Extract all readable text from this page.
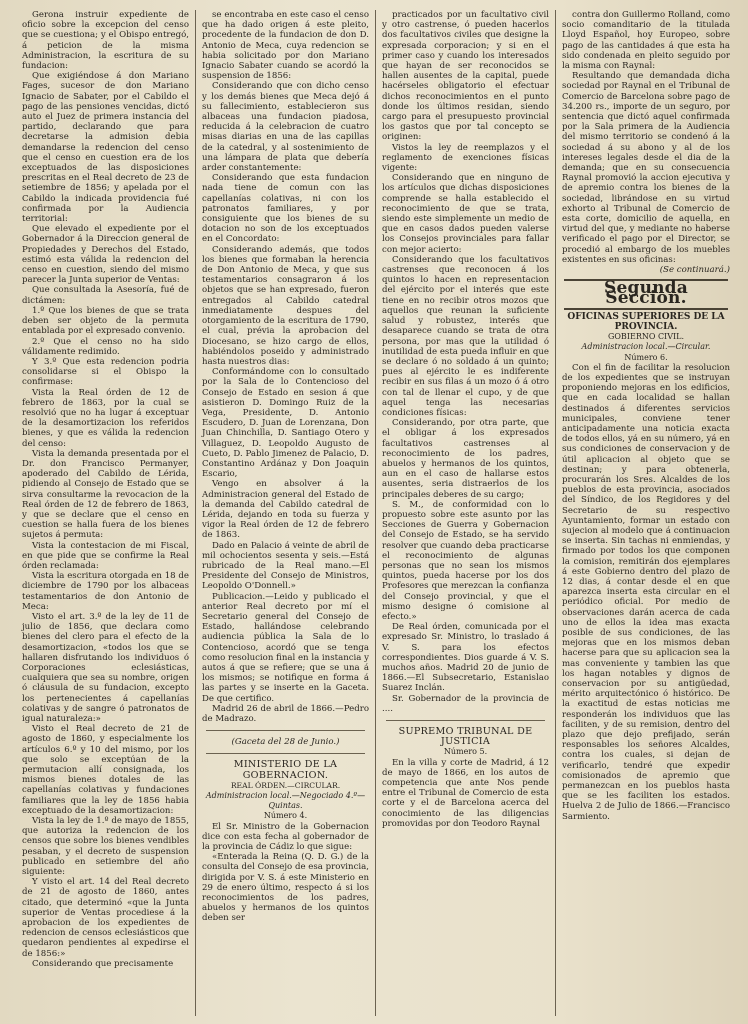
Gerona instruir expediente de oficio sobre la excepcion del censo que se cuestiona; y el Obispo entregó, á peticion de la misma Administracion, la escritura de su fundacion:

Que exigiéndose á don Mariano Fages, sucesor de don Mariano Ignacio de Sabater, por el Cabildo el pago de las pensiones vencidas, dictó auto el Juez de primera instancia del partido, declarando que para decretarse la admision debia demandarse la redencion del censo que el censo en cuestion era de los exceptuados de las disposiciones prescritas en el Real decreto de 23 de setiembre de 1856; y apelada por el Cabildo la indicada providencia fué confirmada por la Audiencia territorial:

Que elevado el expediente por el Gobernador á la Direccion general de Propiedades y Derechos del Estado, estimó esta válida la redencion del censo en cuestion, siendo del mismo parecer la Junta superior de Ventas:

Que consultada la Asesoría, fué de dictámen:

1.º Que los bienes de que se trata deben ser objeto de la permuta entablada por el expresado convenio.

2.º Que el censo no ha sido válidamente redimido.

Y 3.º Que esta redencion podria consolidarse si el Obispo la confirmase:

Vista la Real órden de 12 de febrero de 1863, por la cual se resolvió que no ha lugar á exceptuar de la desamortizacion los referidos bienes, y que es válida la redencion del censo:

Vista la demanda presentada por el Dr. don Francisco Permanyer, apoderado del Cabildo de Lérida, pidiendo al Consejo de Estado que se sirva consultarme la revocacion de la Real órden de 12 de febrero de 1863, y que se declare que el censo en cuestion se halla fuera de los bienes sujetos á permuta:

Vista la contestacion de mi Fiscal, en que pide que se confirme la Real órden reclamada:

Vista la escritura otorgada en 18 de diciembre de 1790 por los albaceas testamentarios de don Antonio de Meca:

Visto el art. 3.º de la ley de 11 de julio de 1856, que declara como bienes del clero para el efecto de la desamortizacion, «todos los que se hallaren disfrutando los individuos ó Corporaciones eclesiásticas, cualquiera que sea su nombre, origen ó cláusula de su fundacion, excepto los pertenecientes á capellanías colativas y de sangre ó patronatos de igual naturaleza:»

Visto el Real decreto de 21 de agosto de 1860, y especialmente los artículos 6.º y 10 del mismo, por los que solo se exceptúan de la permutacion allí consignada, los mismos bienes dotales de las capellanías colativas y fundaciones familiares que la ley de 1856 habia exceptuado de la desamortizacion:

Vista la ley de 1.º de mayo de 1855, que autoriza la redencion de los censos que sobre los bienes vendibles pesaban, y el decreto de suspension publicado en setiembre del año siguiente:

Y visto el art. 14 del Real decreto de 21 de agosto de 1860, antes citado, que determinó «que la Junta superior de Ventas procediese á la aprobacion de los expedientes de redencion de censos eclesiásticos que quedaron pendientes al expedirse el de 1856:»

Considerando que precisamente

se encontraba en este caso el censo que ha dado origen á este pleito, procedente de la fundacion de don D. Antonio de Meca, cuya redencion se habia solicitado por don Mariano Ignacio Sabater cuando se acordó la suspension de 1856:

Considerando que con dicho censo y los demás bienes que Meca dejó á su fallecimiento, establecieron sus albaceas una fundacion piadosa, reducida á la celebracion de cuatro misas diarias en una de las capillas de la catedral, y al sostenimiento de una lámpara de plata que debería arder constantemente:

Considerando que esta fundacion nada tiene de comun con las capellanías colativas, ni con los patronatos familiares, y por consiguiente que los bienes de su dotacion no son de los exceptuados en el Concordato:

Considerando además, que todos los bienes que formaban la herencia de Don Antonio de Meca, y que sus testamentarios consagraron á los objetos que se han expresado, fueron entregados al Cabildo catedral inmediatamente despues del otorgamiento de la escritura de 1790, el cual, prévia la aprobacion del Diocesano, se hizo cargo de ellos, habiéndolos poseido y administrado hasta nuestros dias:

Conformándome con lo consultado por la Sala de lo Contencioso del Consejo de Estado en sesion á que asistieron D. Domingo Ruiz de la Vega, Presidente, D. Antonio Escudero, D. Juan de Lorenzana, Don Juan Chinchilla, D. Santiago Otero y Villaguez, D. Leopoldo Augusto de Cueto, D. Pablo Jimenez de Palacio, D. Constantino Ardánaz y Don Joaquin Escario,

Vengo en absolver á la Administracion general del Estado de la demanda del Cabildo catedral de Lérida, dejando en toda su fuerza y vigor la Real órden de 12 de febrero de 1863.

Dado en Palacio á veinte de abril de mil ochocientos sesenta y seis.—Está rubricado de la Real mano.—El Presidente del Consejo de Ministros, Leopoldo O'Donnell.»

Publicacion.—Leido y publicado el anterior Real decreto por mí el Secretario general del Consejo de Estado, hallándose celebrando audiencia pública la Sala de lo Contencioso, acordó que se tenga como resolucion final en la instancia y autos á que se refiere; que se una á los mismos; se notifique en forma á las partes y se inserte en la Gaceta. De que certifico.

Madrid 26 de abril de 1866.—Pedro de Madrazo.

(Gaceta del 28 de Junio.)

MINISTERIO DE LA GOBERNACION.

REAL ÓRDEN.—CIRCULAR.

Administracion local.—Negociado 4.º—Quintas.

Número 4.

El Sr. Ministro de la Gobernacion dice con esta fecha al gobernador de la provincia de Cádiz lo que sigue:

«Enterada la Reina (Q. D. G.) de la consulta del Consejo de esa provincia, dirigida por V. S. á este Ministerio en 29 de enero último, respecto á si los reconocimientos de los padres, abuelos y hermanos de los quintos deben ser

practicados por un facultativo civil y otro castrense, ó pueden hacerlos dos facultativos civiles que designe la expresada corporacion; y si en el primer caso y cuando los interesados que hayan de ser reconocidos se hallen ausentes de la capital, puede hacérseles obligatorio el efectuar dichos reconocimientos en el punto donde los últimos residan, siendo cargo para el presupuesto provincial los gastos que por tal concepto se originen:

Vistos la ley de reemplazos y el reglamento de exenciones físicas vigente:

Considerando que en ninguno de los artículos que dichas disposiciones comprende se halla establecido el reconocimiento de que se trata, siendo este simplemente un medio de que en casos dados pueden valerse los Consejos provinciales para fallar con mejor acierto:

Considerando que los facultativos castrenses que reconocen á los quintos lo hacen en representacion del ejército por el interés que este tiene en no recibir otros mozos que aquellos que reunan la suficiente salud y robustez, interés que desaparece cuando se trata de otra persona, por mas que la utilidad ó inutilidad de esta pueda influir en que se declare ó no soldado á un quinto; pues al ejército le es indiferente recibir en sus filas á un mozo ó á otro con tal de llenar el cupo, y de que aquel tenga las necesarias condiciones físicas:

Considerando, por otra parte, que el obligar á los expresados facultativos castrenses al reconocimiento de los padres, abuelos y hermanos de los quintos, aun en el caso de hallarse estos ausentes, seria distraerlos de los principales deberes de su cargo;

S. M., de conformidad con lo propuesto sobre este asunto por las Secciones de Guerra y Gobernacion del Consejo de Estado, se ha servido resolver que cuando deba practicarse el reconocimiento de algunas personas que no sean los mismos quintos, pueda hacerse por los dos Profesores que merezcan la confianza del Consejo provincial, y que el mismo designe ó comisione al efecto.»

De Real órden, comunicada por el expresado Sr. Ministro, lo traslado á V. S. para los efectos correspondientes. Dios guarde á V. S. muchos años. Madrid 20 de junio de 1866.—El Subsecretario, Estanislao Suarez Inclán.

Sr. Gobernador de la provincia de ....

SUPREMO TRIBUNAL DE JUSTICIA

Número 5.

En la villa y corte de Madrid, á 12 de mayo de 1866, en los autos de competencia que ante Nos pende entre el Tribunal de Comercio de esta corte y el de Barcelona acerca del conocimiento de las diligencias promovidas por don Teodoro Raynal

contra don Guillermo Rolland, como socio comanditario de la titulada Lloyd Español, hoy Europeo, sobre pago de las cantidades á que esta ha sido condenada en pleito seguido por la misma con Raynal:

Resultando que demandada dicha sociedad por Raynal en el Tribunal de Comercio de Barcelona sobre pago de 34.200 rs., importe de un seguro, por sentencia que dictó aquel confirmada por la Sala primera de la Audiencia del mismo territorio se condenó á la sociedad á su abono y al de los intereses legales desde el dia de la demanda; que en su consecuencia Raynal promovió la accion ejecutiva y de apremio contra los bienes de la sociedad, librándose en su virtud exhorto al Tribunal de Comercio de esta corte, domicilio de aquella, en virtud del que, y mediante no haberse verificado el pago por el Director, se procedió al embargo de los muebles existentes en sus oficinas:

(Se continuará.)

Segunda Seccion.

OFICINAS SUPERIORES DE LA PROVINCIA.

GOBIERNO CIVIL.

Administracion local.—Circular.

Número 6.

Con el fin de facilitar la resolucion de los expedientes que se instruyan proponiendo mejoras en los edificios, que en cada localidad se hallan destinados á diferentes servicios municipales, conviene tener anticipadamente una noticia exacta de todos ellos, yá en su número, yá en sus condiciones de conservacion y de útil aplicacion al objeto que se destinan; y para obtenerla, procurarán los Sres. Alcaldes de los pueblos de esta provincia, asociados del Síndico, de los Regidores y del Secretario de su respectivo Ayuntamiento, formar un estado con sujecion al modelo que á continuacion se inserta. Sin tachas ni enmiendas, y firmado por todos los que componen la comision, remitirán dos ejemplares á este Gobierno dentro del plazo de 12 dias, á contar desde el en que aparezca inserta esta circular en el periódico oficial. Por medio de observaciones darán acerca de cada uno de ellos la idea mas exacta posible de sus condiciones, de las mejoras que en los mismos deban hacerse para que su aplicacion sea la mas conveniente y tambien las que los hagan notables y dignos de conservacion por su antigüedad, mérito arquitectónico ó histórico. De la exactitud de estas noticias me responderán los individuos que las faciliten, y de su remision, dentro del plazo que dejo prefijado, serán responsables los señores Alcaldes, contra los cuales, si dejan de verificarlo, tendré que expedir comisionados de apremio que permanezcan en los pueblos hasta que se les faciliten los estados. Huelva 2 de Julio de 1866.—Francisco Sarmiento.
